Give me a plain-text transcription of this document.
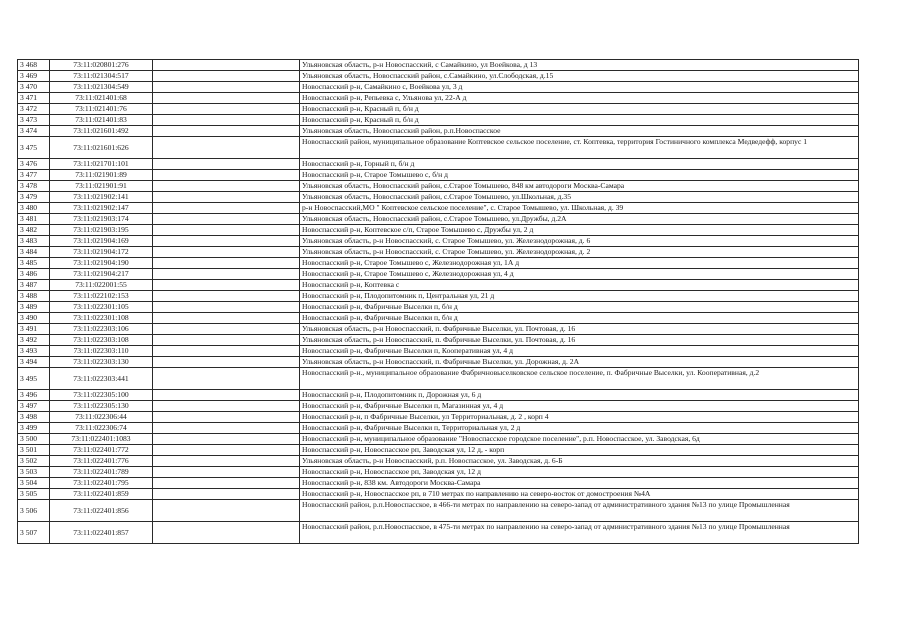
3 468	73:11:020801:276		Ульяновская область, р-н Новоспасский, с Самайкино, ул Воейкова, д 13
3 469	73:11:021304:517		Ульяновская область, Новоспасский район, с.Самайкино, ул.Слободская, д.15
3 470	73:11:021304:549		Новоспасский р-н, Самайкино с, Воейкова ул, 3 д
3 471	73:11:021401:68		Новоспасский р-н, Репьевка с, Ульянова ул, 22-А д
3 472	73:11:021401:76		Новоспасский р-н, Красный п, б/н д
3 473	73:11:021401:83		Новоспасский р-н, Красный п, б/н д
3 474	73:11:021601:492		Ульяновская область, Новоспасский район, р.п.Новоспасское
3 475	73:11:021601:626		Новоспасский район, муниципальное образование Коптевское сельское поселение, ст. Коптевка, территория Гостиничного комплекса Медведефф, корпус 1
3 476	73:11:021701:101		Новоспасский р-н, Горный п, б/н д
3 477	73:11:021901:89		Новоспасский р-н, Старое Томышево с, б/н д
3 478	73:11:021901:91		Ульяновская область, Новоспасский район, с.Старое Томышево, 848 км автодороги Москва-Самара
3 479	73:11:021902:141		Ульяновская область, Новоспасский район, с.Старое Томышево, ул.Школьная, д.35
3 480	73:11:021902:147		р-н Новоспасский,МО " Коптевское сельское поселение", с. Старое Томышево, ул. Школьная, д. 39
3 481	73:11:021903:174		Ульяновская область, Новоспасский район, с.Старое Томышево, ул.Дружбы, д.2А
3 482	73:11:021903:195		Новоспасский р-н, Коптевское с/п, Старое Томышево с, Дружбы ул, 2 д
3 483	73:11:021904:169		Ульяновская область, р-н Новоспасский, с. Старое Томышево, ул. Железнодорожная, д. 6
3 484	73:11:021904:172		Ульяновская область, р-н Новоспасский, с. Старое Томышево, ул. Железнодорожная, д. 2
3 485	73:11:021904:190		Новоспасский р-н, Старое Томышево с, Железнодорожная ул, 1А д
3 486	73:11:021904:217		Новоспасский р-н, Старое Томышево с, Железнодорожная ул, 4 д
3 487	73:11:022001:55		Новоспасский р-н, Коптевка с
3 488	73:11:022102:153		Новоспасский р-н, Плодопитомник п, Центральная ул, 21 д
3 489	73:11:022301:105		Новоспасский р-н, Фабричные Выселки п, б/н д
3 490	73:11:022301:108		Новоспасский р-н, Фабричные Выселки п, б/н д
3 491	73:11:022303:106		Ульяновская область, р-н Новоспасский, п. Фабричные Выселки, ул. Почтовая, д. 16
3 492	73:11:022303:108		Ульяновская область, р-н Новоспасский, п. Фабричные Выселки, ул. Почтовая, д. 16
3 493	73:11:022303:110		Новоспасский р-н, Фабричные Выселки п, Кооперативная ул, 4 д
3 494	73:11:022303:130		Ульяновская область, р-н Новоспасский, п. Фабричные Выселки, ул. Дорожная, д. 2А
3 495	73:11:022303:441		Новоспасский р-н., муниципальное образование Фабричновыселковское сельское поселение, п. Фабричные Выселки, ул. Кооперативная, д.2
3 496	73:11:022305:100		Новоспасский р-н, Плодопитомник п, Дорожная ул, 6 д
3 497	73:11:022305:130		Новоспасский р-н, Фабричные Выселки п, Магазинная ул, 4 д
3 498	73:11:022306:44		Новоспасский р-н, п Фабричные Выселки, ул Территориальная, д. 2 , корп 4
3 499	73:11:022306:74		Новоспасский р-н, Фабричные Выселки п, Территориальная ул, 2 д
3 500	73:11:022401:1083		Новоспасский р-н, муниципальное образование "Новоспасское городское поселение", р.п. Новоспасское, ул. Заводская, 6д
3 501	73:11:022401:772		Новоспасский р-н, Новоспасское рп, Заводская ул, 12 д, - корп
3 502	73:11:022401:776		Ульяновская область, р-н Новоспасский, р.п. Новоспасское, ул. Заводская, д. 6-Б
3 503	73:11:022401:789		Новоспасский р-н, Новоспасское рп, Заводская ул, 12 д
3 504	73:11:022401:795		Новоспасский р-н, 838 км. Автодороги Москва-Самара
3 505	73:11:022401:859		Новоспасский р-н, Новоспасское рп, в 710 метрах по направлению на северо-восток от домостроения №4А
3 506	73:11:022401:856		Новоспасский район, р.п.Новоспасское, в 466-ти метрах по направлению на северо-запад от административного здания №13 по улице Промышленная
3 507	73:11:022401:857		Новоспасский район, р.п.Новоспасское, в 475-ти метрах по направлению на северо-запад от административного здания №13 по улице Промышленная
